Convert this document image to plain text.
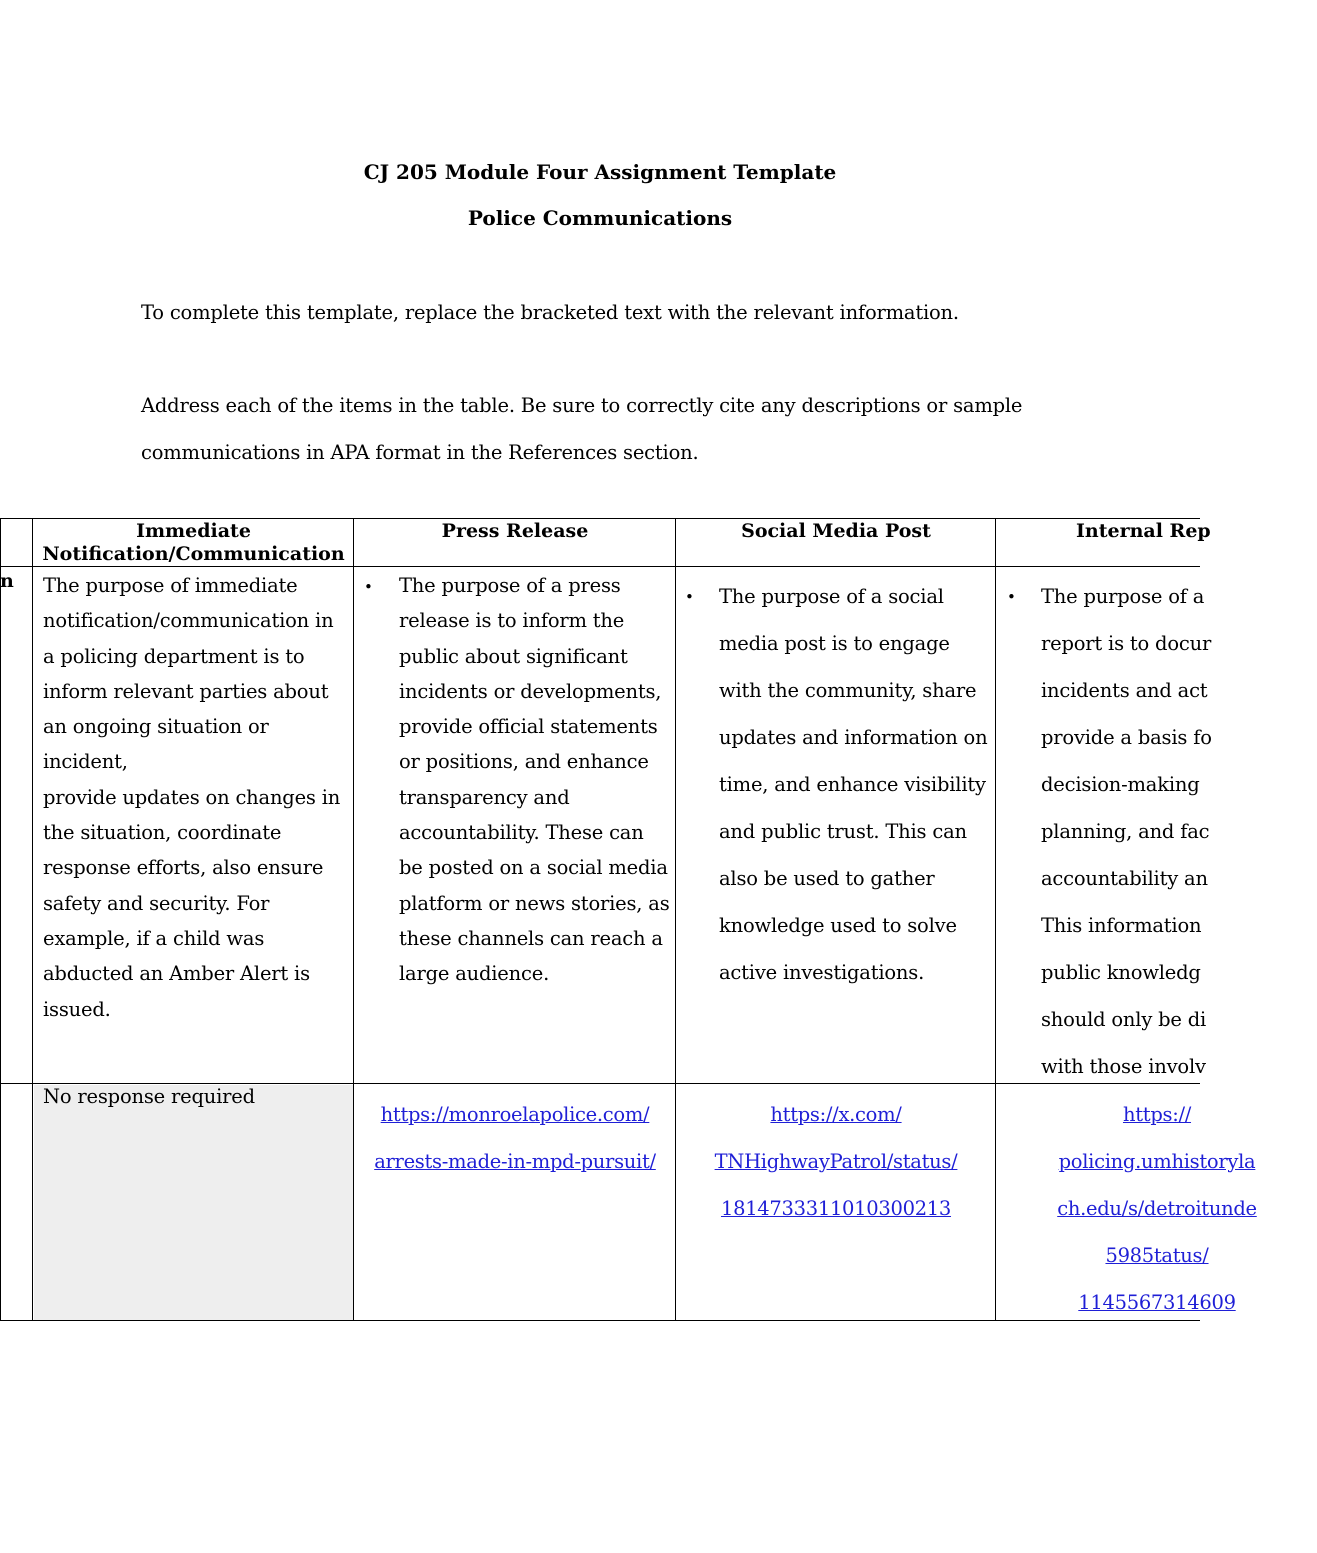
CJ 205 Module Four Assignment Template
Police Communications
To complete this template, replace the bracketed text with the relevant information.
Address each of the items in the table. Be sure to correctly cite any descriptions or sample
communications in APA format in the References section.
n
Immediate
Notification/Communication
Press Release	Social Media Post	Internal Rep
The purpose of immediate
notification/communication in
a policing department is to
inform relevant parties about
an ongoing situation or
incident,
provide updates on changes in
the situation, coordinate
response efforts, also ensure
safety and security. For
example, if a child was
abducted an Amber Alert is
issued.
• The purpose of a press
release is to inform the
public about significant
incidents or developments,
provide official statements
or positions, and enhance
transparency and
accountability. These can
be posted on a social media
platform or news stories, as
these channels can reach a
large audience.
• The purpose of a social
media post is to engage
with the community, share
updates and information on
time, and enhance visibility
and public trust. This can
also be used to gather
knowledge used to solve
active investigations.
• The purpose of a
report is to docur
incidents and act
provide a basis fo
decision-making
planning, and fac
accountability an
This information
public knowledg
should only be di
with those involv
No response required
https://monroelapolice.com/
arrests-made-in-mpd-pursuit/
https://x.com/
TNHighwayPatrol/status/
1814733311010300213
https://
policing.umhistoryla
ch.edu/s/detroitunde
5985tatus/
1145567314609
